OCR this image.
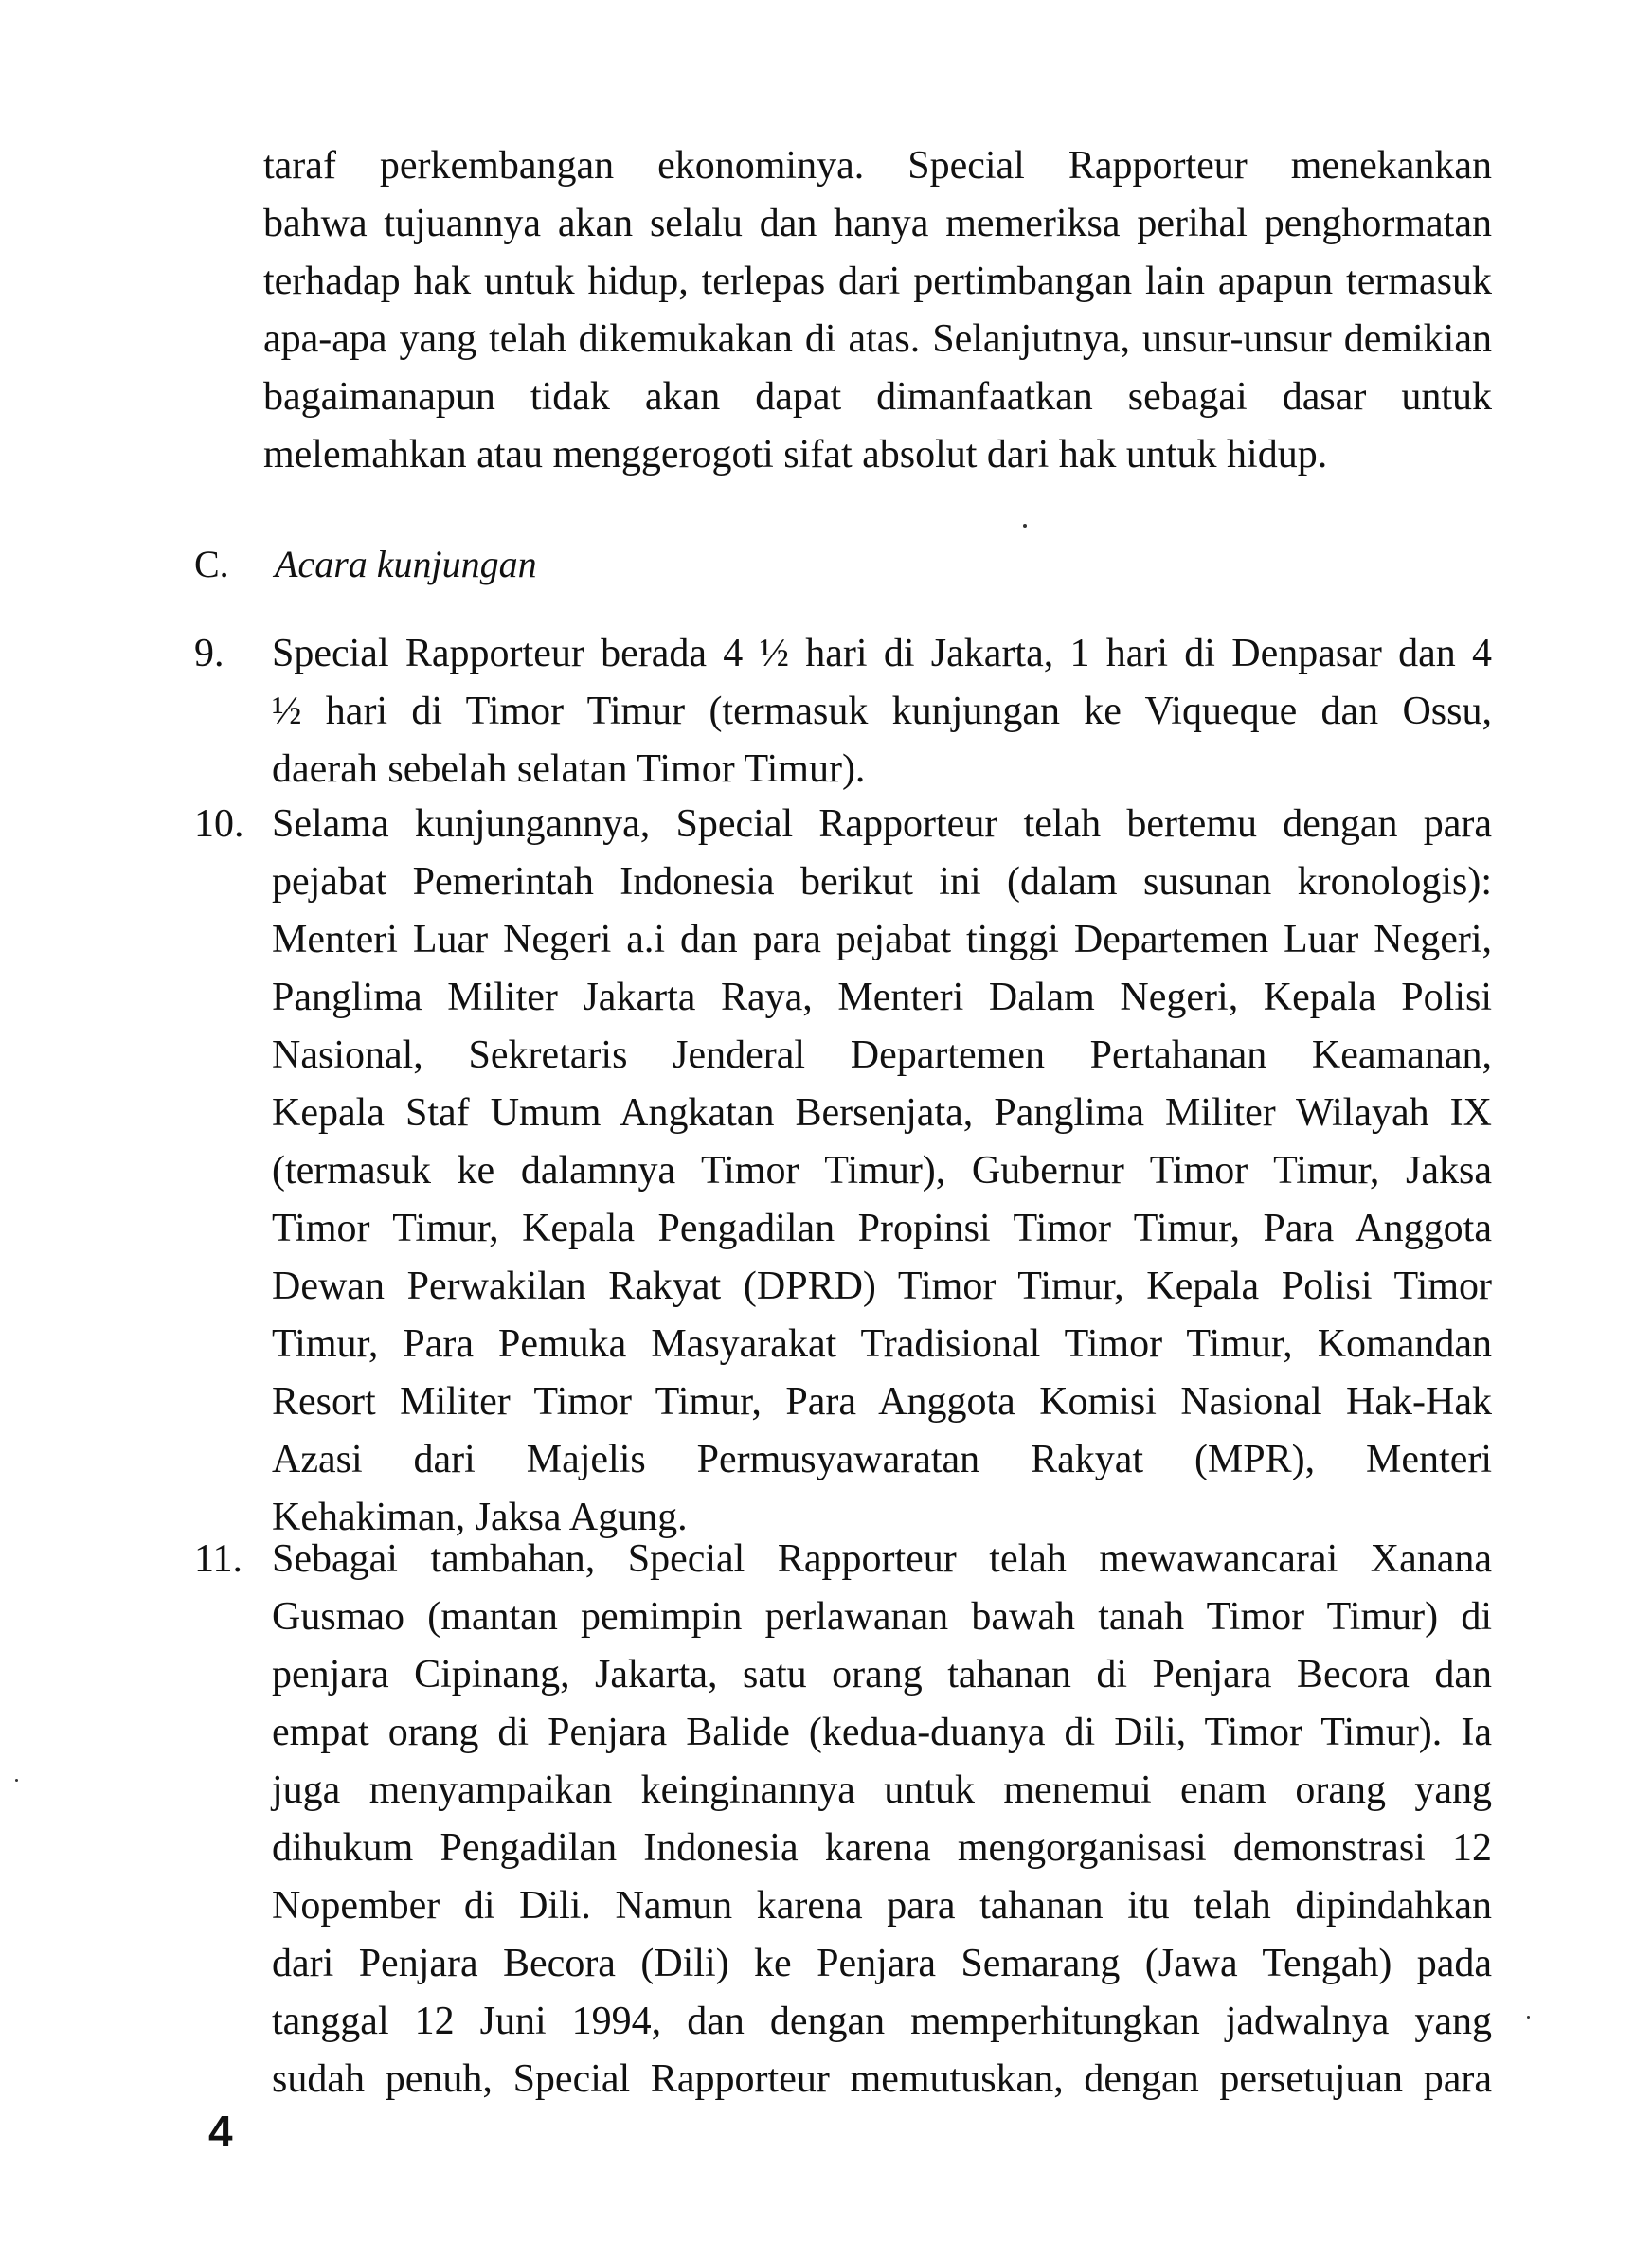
taraf perkembangan ekonominya. Special Rapporteur menekankan
bahwa tujuannya akan selalu dan hanya memeriksa perihal penghormatan
terhadap hak untuk hidup, terlepas dari pertimbangan lain apapun termasuk
apa-apa yang telah dikemukakan di atas. Selanjutnya, unsur-unsur demikian
bagaimanapun tidak akan dapat dimanfaatkan sebagai dasar untuk
melemahkan atau menggerogoti sifat absolut dari hak untuk hidup.
C. Acara kunjungan
9. Special Rapporteur berada 4 ½ hari di Jakarta, 1 hari di Denpasar dan 4
½ hari di Timor Timur (termasuk kunjungan ke Viqueque dan Ossu,
daerah sebelah selatan Timor Timur).
10. Selama kunjungannya, Special Rapporteur telah bertemu dengan para
pejabat Pemerintah Indonesia berikut ini (dalam susunan kronologis):
Menteri Luar Negeri a.i dan para pejabat tinggi Departemen Luar Negeri,
Panglima Militer Jakarta Raya, Menteri Dalam Negeri, Kepala Polisi
Nasional, Sekretaris Jenderal Departemen Pertahanan Keamanan,
Kepala Staf Umum Angkatan Bersenjata, Panglima Militer Wilayah IX
(termasuk ke dalamnya Timor Timur), Gubernur Timor Timur, Jaksa
Timor Timur, Kepala Pengadilan Propinsi Timor Timur, Para Anggota
Dewan Perwakilan Rakyat (DPRD) Timor Timur, Kepala Polisi Timor
Timur, Para Pemuka Masyarakat Tradisional Timor Timur, Komandan
Resort Militer Timor Timur, Para Anggota Komisi Nasional Hak-Hak
Azasi dari Majelis Permusyawaratan Rakyat (MPR), Menteri
Kehakiman, Jaksa Agung.
11. Sebagai tambahan, Special Rapporteur telah mewawancarai Xanana
Gusmao (mantan pemimpin perlawanan bawah tanah Timor Timur) di
penjara Cipinang, Jakarta, satu orang tahanan di Penjara Becora dan
empat orang di Penjara Balide (kedua-duanya di Dili, Timor Timur). Ia
juga menyampaikan keinginannya untuk menemui enam orang yang
dihukum Pengadilan Indonesia karena mengorganisasi demonstrasi 12
Nopember di Dili. Namun karena para tahanan itu telah dipindahkan
dari Penjara Becora (Dili) ke Penjara Semarang (Jawa Tengah) pada
tanggal 12 Juni 1994, dan dengan memperhitungkan jadwalnya yang
sudah penuh, Special Rapporteur memutuskan, dengan persetujuan para
4
